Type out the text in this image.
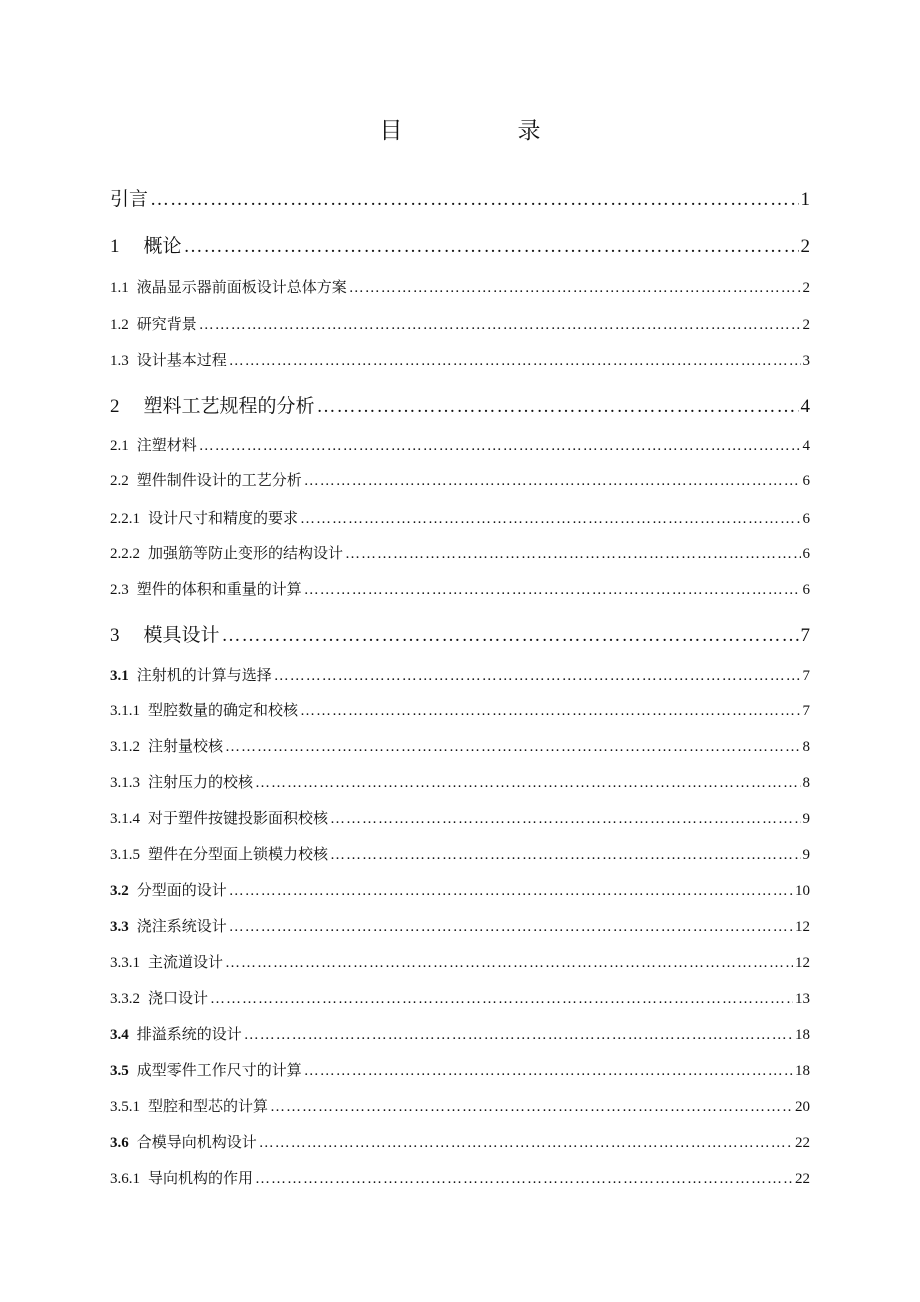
目　录
引言 …………………………………………………………………………………………………………………………………………………………………………………………………………………	1
1 概论 …………………………………………………………………………………………………………………………………………………………………………………………………………………	2
1.1 液晶显示器前面板设计总体方案 …………………………………………………………………………………………………………………………………………………………………………………………………………………	2
1.2 研究背景 …………………………………………………………………………………………………………………………………………………………………………………………………………………	2
1.3 设计基本过程 …………………………………………………………………………………………………………………………………………………………………………………………………………………	3
2 塑料工艺规程的分析 …………………………………………………………………………………………………………………………………………………………………………………………………………………	4
2.1 注塑材料 …………………………………………………………………………………………………………………………………………………………………………………………………………………	4
2.2 塑件制件设计的工艺分析 …………………………………………………………………………………………………………………………………………………………………………………………………………………	6
2.2.1 设计尺寸和精度的要求 …………………………………………………………………………………………………………………………………………………………………………………………………………………	6
2.2.2 加强筋等防止变形的结构设计 …………………………………………………………………………………………………………………………………………………………………………………………………………………	6
2.3 塑件的体积和重量的计算 …………………………………………………………………………………………………………………………………………………………………………………………………………………	6
3 模具设计 …………………………………………………………………………………………………………………………………………………………………………………………………………………	7
3.1 注射机的计算与选择 …………………………………………………………………………………………………………………………………………………………………………………………………………………	7
3.1.1 型腔数量的确定和校核 …………………………………………………………………………………………………………………………………………………………………………………………………………………	7
3.1.2 注射量校核 …………………………………………………………………………………………………………………………………………………………………………………………………………………	8
3.1.3 注射压力的校核 …………………………………………………………………………………………………………………………………………………………………………………………………………………	8
3.1.4 对于塑件按键投影面积校核 …………………………………………………………………………………………………………………………………………………………………………………………………………………	9
3.1.5 塑件在分型面上锁模力校核 …………………………………………………………………………………………………………………………………………………………………………………………………………………	9
3.2 分型面的设计 …………………………………………………………………………………………………………………………………………………………………………………………………………………	10
3.3 浇注系统设计 …………………………………………………………………………………………………………………………………………………………………………………………………………………	12
3.3.1 主流道设计 …………………………………………………………………………………………………………………………………………………………………………………………………………………	12
3.3.2 浇口设计 …………………………………………………………………………………………………………………………………………………………………………………………………………………	13
3.4 排溢系统的设计 …………………………………………………………………………………………………………………………………………………………………………………………………………………	18
3.5 成型零件工作尺寸的计算 …………………………………………………………………………………………………………………………………………………………………………………………………………………	18
3.5.1 型腔和型芯的计算 …………………………………………………………………………………………………………………………………………………………………………………………………………………	20
3.6 合模导向机构设计 …………………………………………………………………………………………………………………………………………………………………………………………………………………	22
3.6.1 导向机构的作用 …………………………………………………………………………………………………………………………………………………………………………………………………………………	22
